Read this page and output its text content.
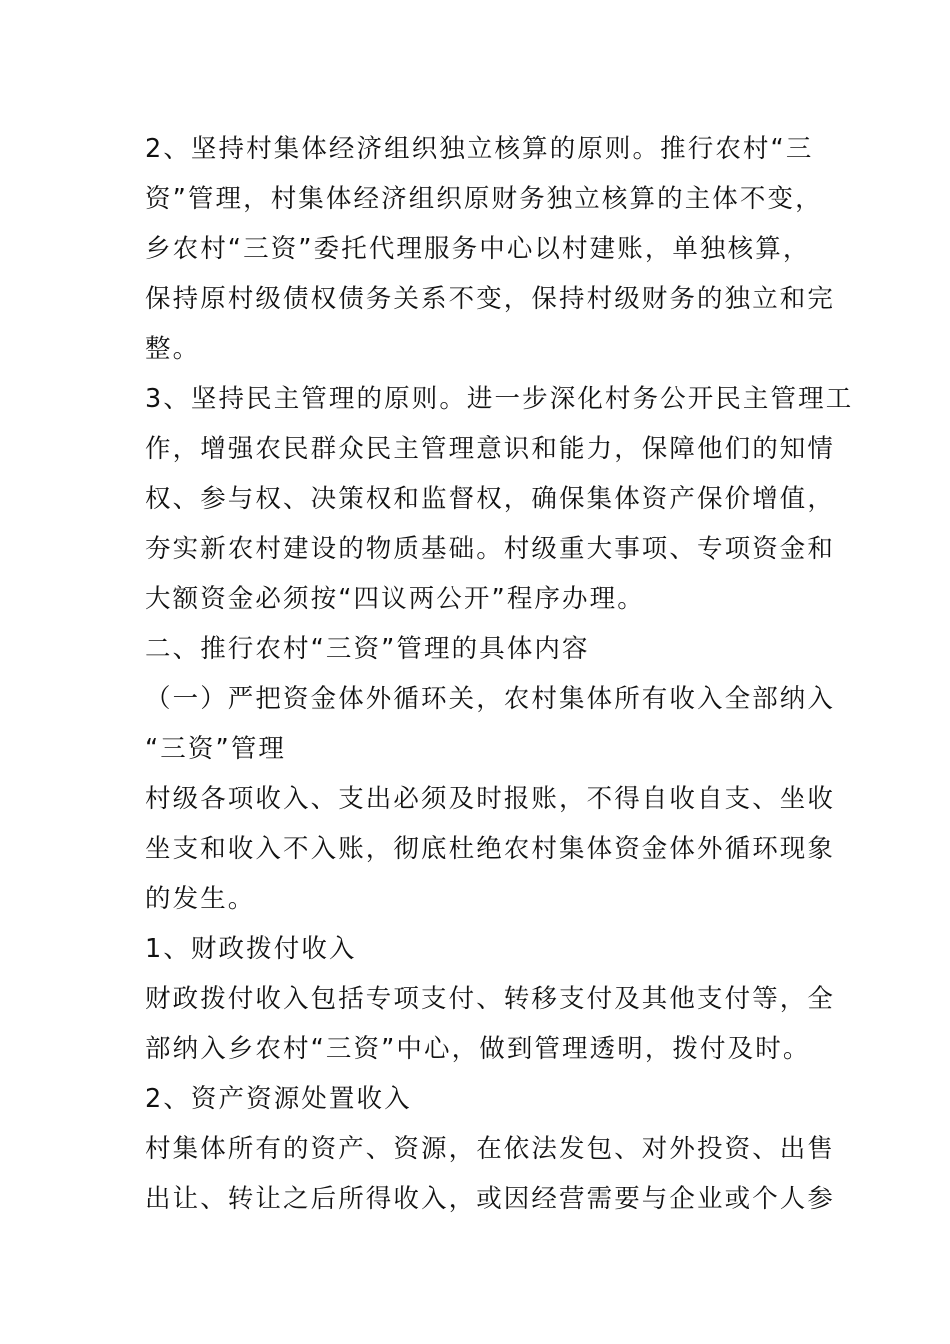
2、坚持村集体经济组织独立核算的原则。推行农村“三
资”管理，村集体经济组织原财务独立核算的主体不变，
乡农村“三资”委托代理服务中心以村建账，单独核算，
保持原村级债权债务关系不变，保持村级财务的独立和完
整。

3、坚持民主管理的原则。进一步深化村务公开民主管理工
作，增强农民群众民主管理意识和能力，保障他们的知情
权、参与权、决策权和监督权，确保集体资产保价增值，
夯实新农村建设的物质基础。村级重大事项、专项资金和
大额资金必须按“四议两公开”程序办理。

二、推行农村“三资”管理的具体内容

（一）严把资金体外循环关，农村集体所有收入全部纳入
“三资”管理

村级各项收入、支出必须及时报账，不得自收自支、坐收
坐支和收入不入账，彻底杜绝农村集体资金体外循环现象
的发生。

1、财政拨付收入

财政拨付收入包括专项支付、转移支付及其他支付等，全
部纳入乡农村“三资”中心，做到管理透明，拨付及时。

2、资产资源处置收入

村集体所有的资产、资源，在依法发包、对外投资、出售
出让、转让之后所得收入，或因经营需要与企业或个人参
